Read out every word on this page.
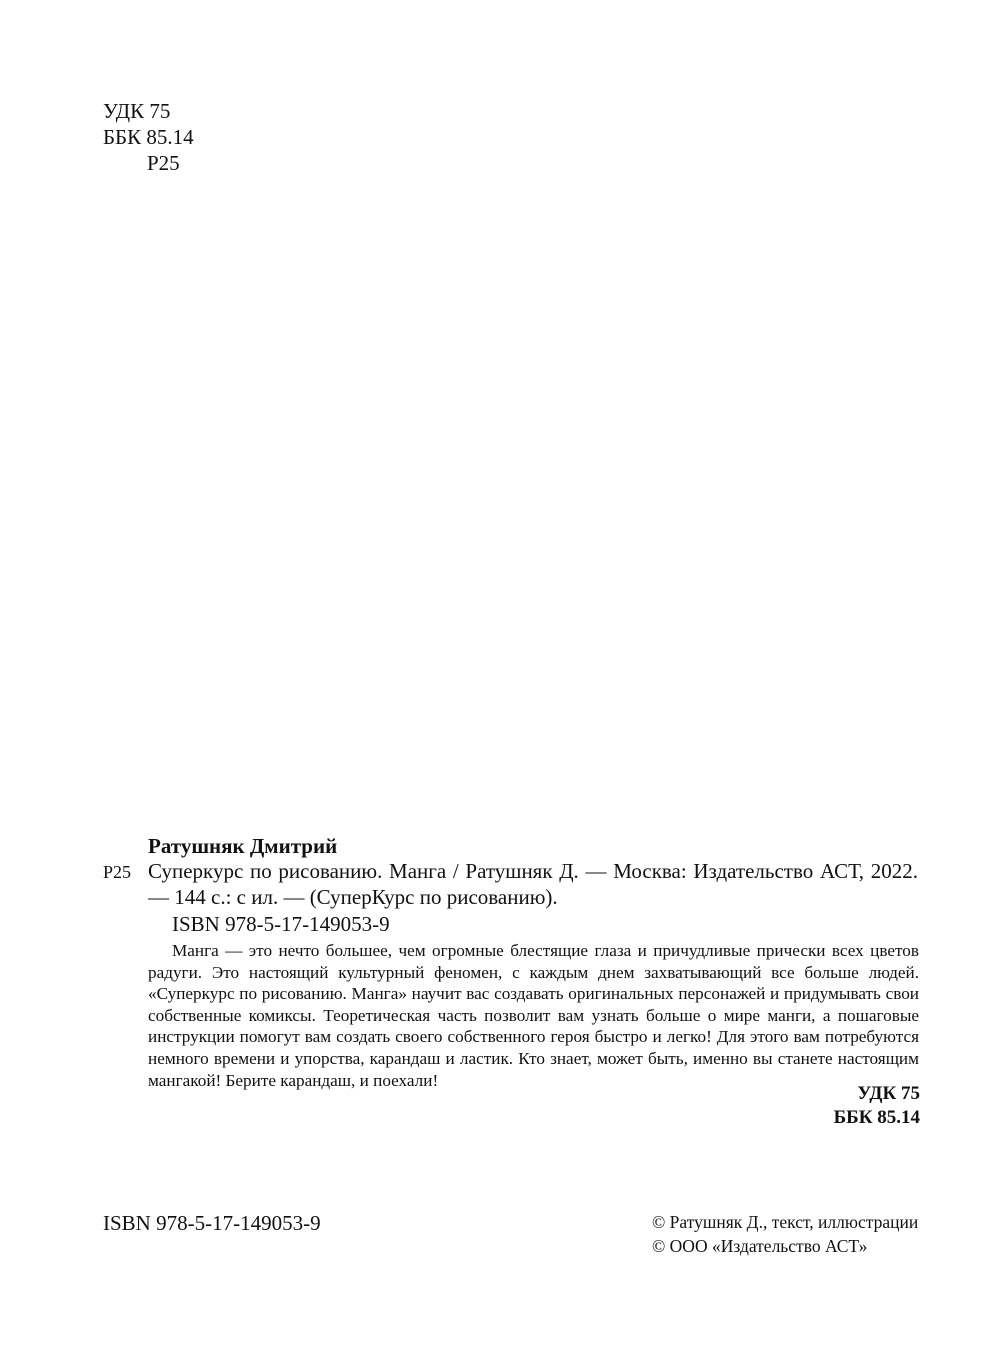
УДК 75
ББК 85.14
Р25
Ратушняк Дмитрий
Р25 Суперкурс по рисованию. Манга / Ратушняк Д. — Москва: Издательство АСТ, 2022. — 144 с.: с ил. — (СуперКурс по рисованию).

ISBN 978-5-17-149053-9

Манга — это нечто большее, чем огромные блестящие глаза и причудливые прически всех цветов радуги. Это настоящий культурный феномен, с каждым днем захватывающий все больше людей. «Суперкурс по рисованию. Манга» научит вас создавать оригинальных персонажей и придумывать свои собственные комиксы. Теоретическая часть позволит вам узнать больше о мире манги, а пошаговые инструкции помогут вам создать своего собственного героя быстро и легко! Для этого вам потребуются немного времени и упорства, карандаш и ластик. Кто знает, может быть, именно вы станете настоящим мангакой! Берите карандаш, и поехали!

УДК 75
ББК 85.14
ISBN 978-5-17-149053-9	© Ратушняк Д., текст, иллюстрации
© ООО «Издательство АСТ»
